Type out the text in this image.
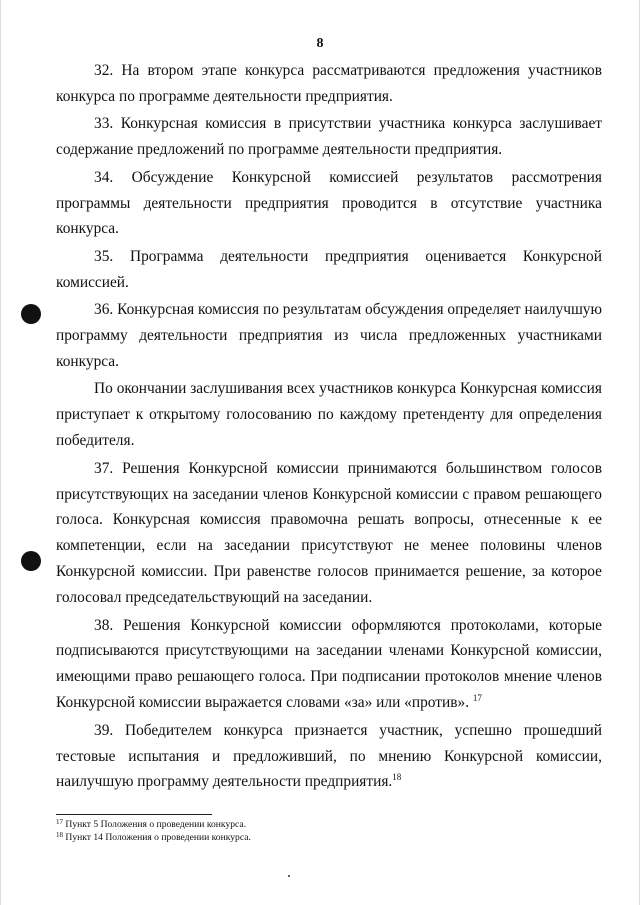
8

32. На втором этапе конкурса рассматриваются предложения участников конкурса по программе деятельности предприятия.

33. Конкурсная комиссия в присутствии участника конкурса заслушивает содержание предложений по программе деятельности предприятия.

34. Обсуждение Конкурсной комиссией результатов рассмотрения программы деятельности предприятия проводится в отсутствие участника конкурса.

35. Программа деятельности предприятия оценивается Конкурсной комиссией.

36. Конкурсная комиссия по результатам обсуждения определяет наилучшую программу деятельности предприятия из числа предложенных участниками конкурса.

По окончании заслушивания всех участников конкурса Конкурсная комиссия приступает к открытому голосованию по каждому претенденту для определения победителя.

37. Решения Конкурсной комиссии принимаются большинством голосов присутствующих на заседании членов Конкурсной комиссии с правом решающего голоса. Конкурсная комиссия правомочна решать вопросы, отнесенные к ее компетенции, если на заседании присутствуют не менее половины членов Конкурсной комиссии. При равенстве голосов принимается решение, за которое голосовал председательствующий на заседании.

38. Решения Конкурсной комиссии оформляются протоколами, которые подписываются присутствующими на заседании членами Конкурсной комиссии, имеющими право решающего голоса. При подписании протоколов мнение членов Конкурсной комиссии выражается словами «за» или «против». $^{17}$

39. Победителем конкурса признается участник, успешно прошедший тестовые испытания и предложивший, по мнению Конкурсной комиссии, наилучшую программу деятельности предприятия.$^{18}$

$^{17}$ Пункт 5 Положения о проведении конкурса.
$^{18}$ Пункт 14 Положения о проведении конкурса.
